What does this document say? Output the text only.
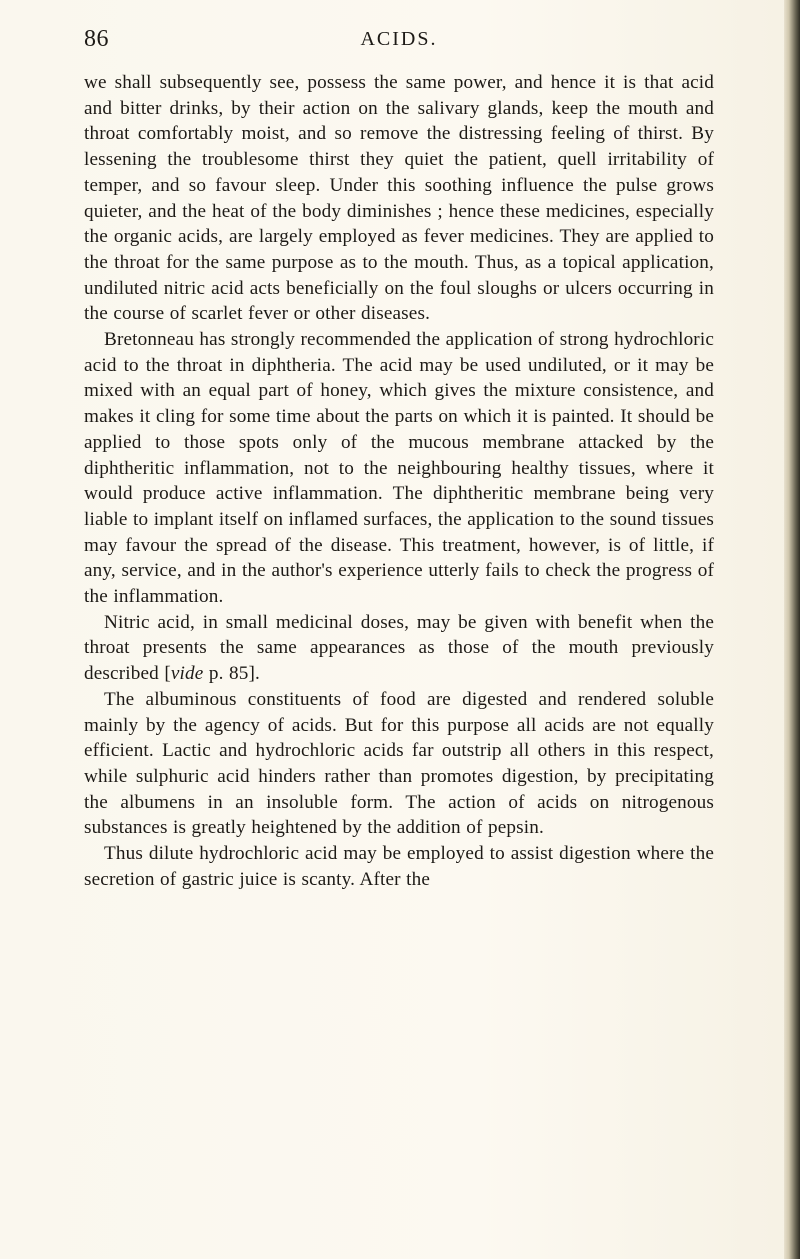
86	ACIDS.

we shall subsequently see, possess the same power, and hence it is that acid and bitter drinks, by their action on the salivary glands, keep the mouth and throat comfortably moist, and so remove the distressing feeling of thirst. By lessening the troublesome thirst they quiet the patient, quell irritability of temper, and so favour sleep. Under this soothing influence the pulse grows quieter, and the heat of the body diminishes ; hence these medicines, especially the organic acids, are largely employed as fever medicines. They are applied to the throat for the same purpose as to the mouth. Thus, as a topical application, undiluted nitric acid acts beneficially on the foul sloughs or ulcers occurring in the course of scarlet fever or other diseases.

Bretonneau has strongly recommended the application of strong hydrochloric acid to the throat in diphtheria. The acid may be used undiluted, or it may be mixed with an equal part of honey, which gives the mixture consistence, and makes it cling for some time about the parts on which it is painted. It should be applied to those spots only of the mucous membrane attacked by the diphtheritic inflammation, not to the neighbouring healthy tissues, where it would produce active inflammation. The diphtheritic membrane being very liable to implant itself on inflamed surfaces, the application to the sound tissues may favour the spread of the disease. This treatment, however, is of little, if any, service, and in the author's experience utterly fails to check the progress of the inflammation.

Nitric acid, in small medicinal doses, may be given with benefit when the throat presents the same appearances as those of the mouth previously described [vide p. 85].

The albuminous constituents of food are digested and rendered soluble mainly by the agency of acids. But for this purpose all acids are not equally efficient. Lactic and hydrochloric acids far outstrip all others in this respect, while sulphuric acid hinders rather than promotes digestion, by precipitating the albumens in an insoluble form. The action of acids on nitrogenous substances is greatly heightened by the addition of pepsin.

Thus dilute hydrochloric acid may be employed to assist digestion where the secretion of gastric juice is scanty. After the
